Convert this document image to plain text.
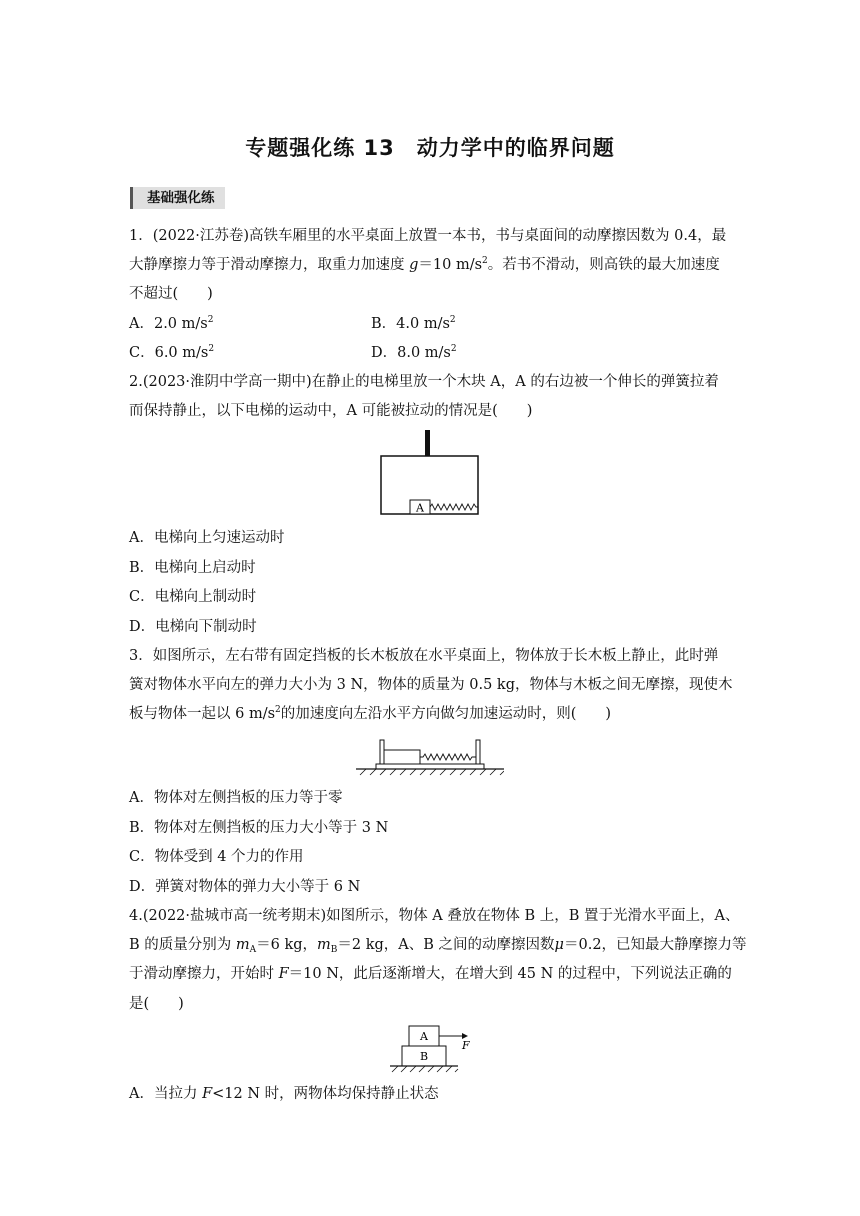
专题强化练 13　动力学中的临界问题
基础强化练
1．(2022·江苏卷)高铁车厢里的水平桌面上放置一本书，书与桌面间的动摩擦因数为 0.4，最
大静摩擦力等于滑动摩擦力，取重力加速度 g＝10 $m/s^2$。若书不滑动，则高铁的最大加速度
不超过(　　)
A．2.0 $m/s^2$	B．4.0 $m/s^2$
C．6.0 $m/s^2$	D．8.0 $m/s^2$
2.(2023·淮阴中学高一期中)在静止的电梯里放一个木块 A，A 的右边被一个伸长的弹簧拉着
而保持静止，以下电梯的运动中，A 可能被拉动的情况是(　　)
A
A．电梯向上匀速运动时
B．电梯向上启动时
C．电梯向上制动时
D．电梯向下制动时
3．如图所示，左右带有固定挡板的长木板放在水平桌面上，物体放于长木板上静止，此时弹
簧对物体水平向左的弹力大小为 3 N，物体的质量为 0.5 kg，物体与木板之间无摩擦，现使木
板与物体一起以 6 $m/s^2$的加速度向左沿水平方向做匀加速运动时，则(　　)
A．物体对左侧挡板的压力等于零
B．物体对左侧挡板的压力大小等于 3 N
C．物体受到 4 个力的作用
D．弹簧对物体的弹力大小等于 6 N
4.(2022·盐城市高一统考期末)如图所示，物体 A 叠放在物体 B 上，B 置于光滑水平面上，A、
B 的质量分别为 $m_A=6$ kg，$m_B=2$ kg，A、B 之间的动摩擦因数μ＝0.2，已知最大静摩擦力等
于滑动摩擦力，开始时 F＝10 N，此后逐渐增大，在增大到 45 N 的过程中，下列说法正确的
是(　　)
A
B
F
A．当拉力 F<12 N 时，两物体均保持静止状态
